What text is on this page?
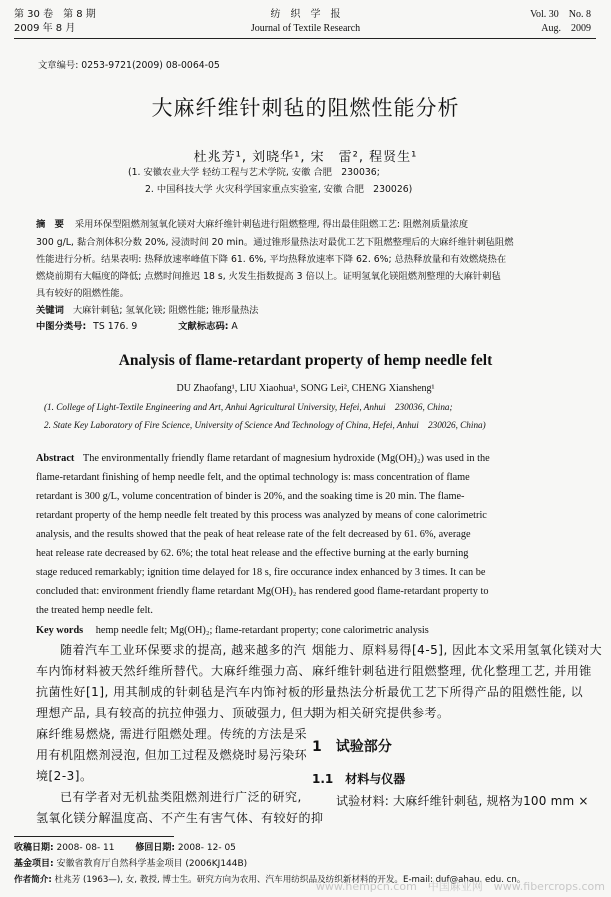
第 30 卷　第 8 期
2009 年 8 月
纺　织　学　报
Journal of Textile Research
Vol. 30　No. 8
Aug.　2009
文章编号: 0253-9721(2009) 08-0064-05
大麻纤维针刺毡的阻燃性能分析
杜兆芳¹, 刘晓华¹, 宋　雷², 程贤生¹
(1. 安徽农业大学 轻纺工程与艺术学院, 安徽 合肥　230036;
2. 中国科技大学 火灾科学国家重点实验室, 安徽 合肥　230026)
摘　要 采用环保型阻燃剂氢氧化镁对大麻纤维针刺毡进行阻燃整理, 得出最佳阻燃工艺: 阻燃剂质量浓度
300 g/L, 黏合剂体积分数 20%, 浸渍时间 20 min。通过锥形量热法对最优工艺下阻燃整理后的大麻纤维针刺毡阻燃
性能进行分析。结果表明: 热释放速率峰值下降 61. 6%, 平均热释放速率下降 62. 6%; 总热释放量和有效燃烧热在
燃烧前期有大幅度的降低; 点燃时间推迟 18 s, 火发生指数提高 3 倍以上。证明氢氧化镁阻燃剂整理的大麻针刺毡
具有较好的阻燃性能。
关键词 大麻针刺毡; 氢氧化镁; 阻燃性能; 锥形量热法
中图分类号: TS 176. 9	文献标志码: A
Analysis of flame-retardant property of hemp needle felt
DU Zhaofang¹, LIU Xiaohua¹, SONG Lei², CHENG Xiansheng¹
(1. College of Light-Textile Engineering and Art, Anhui Agricultural University, Hefei, Anhui　230036, China;
2. State Key Laboratory of Fire Science, University of Science And Technology of China, Hefei, Anhui　230026, China)
Abstract The environmentally friendly flame retardant of magnesium hydroxide (Mg(OH)₂) was used in the
flame-retardant finishing of hemp needle felt, and the optimal technology is: mass concentration of flame
retardant is 300 g/L, volume concentration of binder is 20%, and the soaking time is 20 min. The flame-
retardant property of the hemp needle felt treated by this process was analyzed by means of cone calorimetric
analysis, and the results showed that the peak of heat release rate of the felt decreased by 61. 6%, average
heat release rate decreased by 62. 6%; the total heat release and the effective burning at the early burning
stage reduced remarkably; ignition time delayed for 18 s, fire occurance index enhanced by 3 times. It can be
concluded that: environment friendly flame retardant Mg(OH)₂ has rendered good flame-retardant property to
the treated hemp needle felt.
Key words hemp needle felt; Mg(OH)₂; flame-retardant property; cone calorimetric analysis
随着汽车工业环保要求的提高, 越来越多的汽
车内饰材料被天然纤维所替代。大麻纤维强力高、
抗菌性好[1], 用其制成的针刺毡是汽车内饰衬板的
理想产品, 具有较高的抗拉伸强力、顶破强力, 但大
麻纤维易燃烧, 需进行阻燃处理。传统的方法是采
用有机阻燃剂浸泡, 但加工过程及燃烧时易污染环
境[2-3]。
已有学者对无机盐类阻燃剂进行广泛的研究,
氢氧化镁分解温度高、不产生有害气体、有较好的抑
烟能力、原料易得[4-5], 因此本文采用氢氧化镁对大
麻纤维针刺毡进行阻燃整理, 优化整理工艺, 并用锥
形量热法分析最优工艺下所得产品的阻燃性能, 以
期为相关研究提供参考。
1　试验部分
1.1　材料与仪器
试验材料: 大麻纤维针刺毡, 规格为100 mm ×
收稿日期: 2008- 08- 11 修回日期: 2008- 12- 05
基金项目: 安徽省教育厅自然科学基金项目 (2006KJ144B)
作者简介: 杜兆芳 (1963—), 女, 教授, 博士生。研究方向为农用、汽车用纺织品及纺织新材料的开发。E-mail: duf@ahau. edu. cn。
www.hempcn.com　中国麻业网　www.fibercrops.com
